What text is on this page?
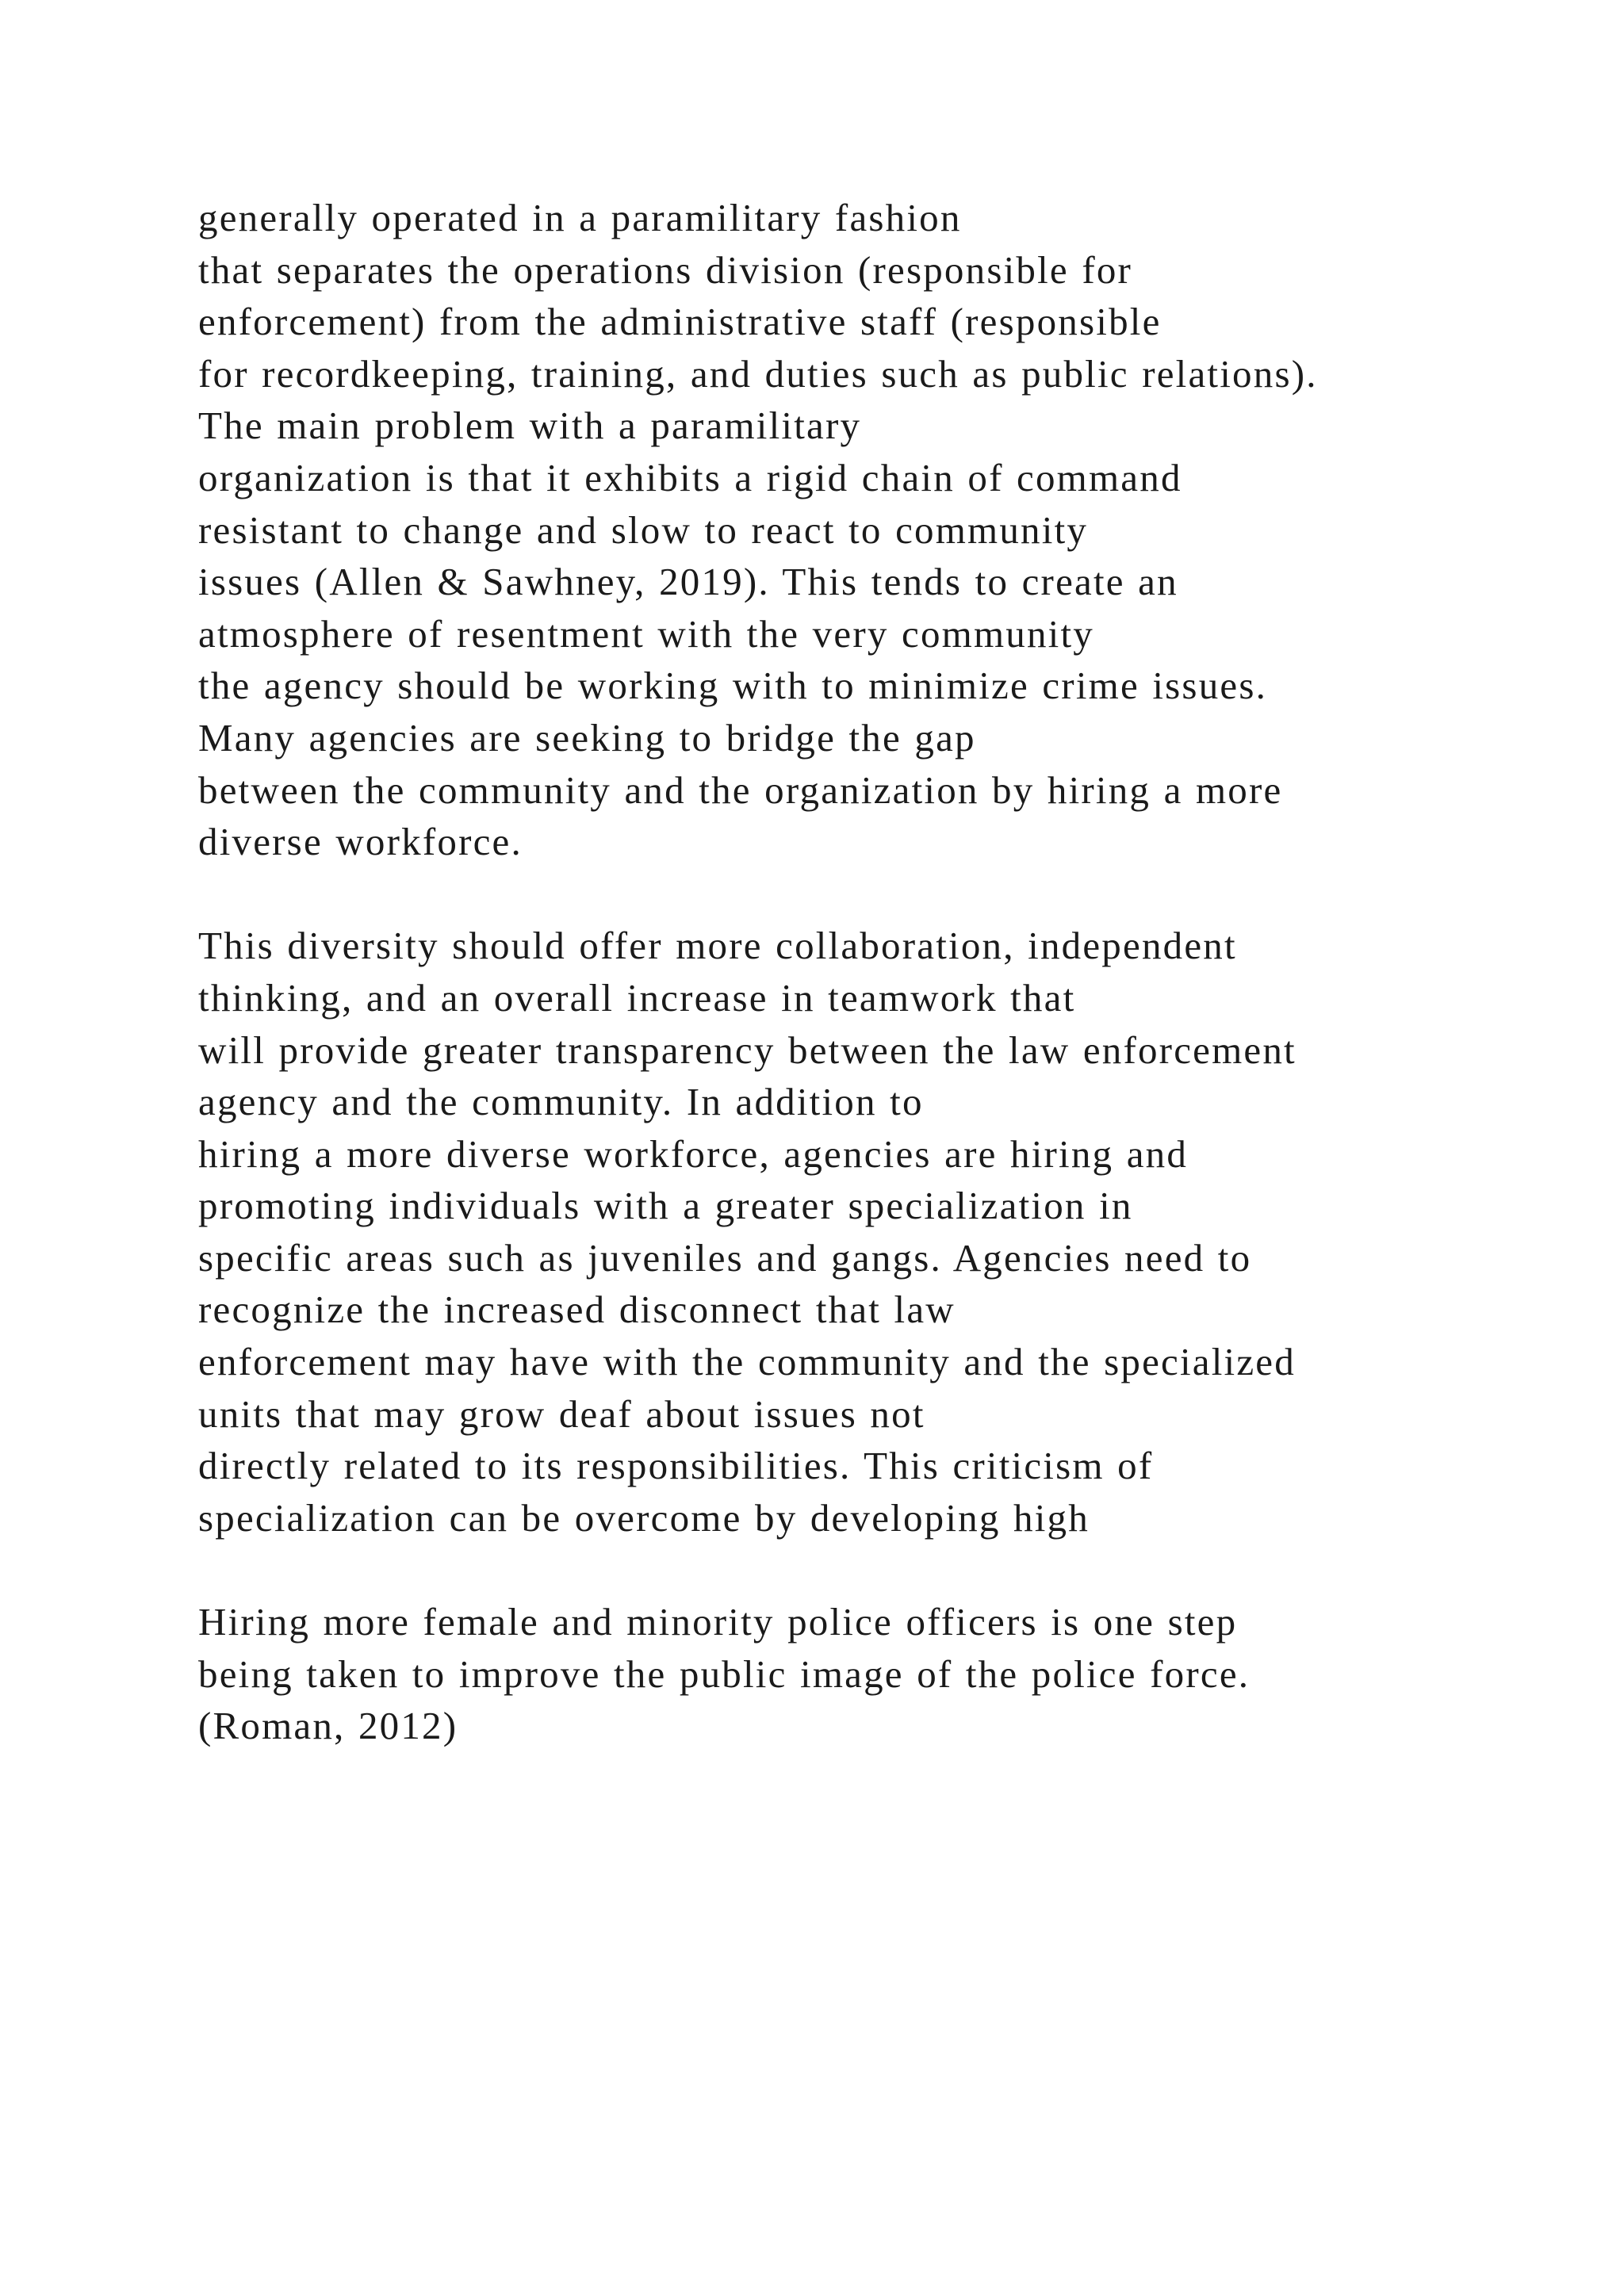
generally operated in a paramilitary fashion
that separates the operations division (responsible for
enforcement) from the administrative staff (responsible
for recordkeeping, training, and duties such as public relations).
The main problem with a paramilitary
organization is that it exhibits a rigid chain of command
resistant to change and slow to react to community
issues (Allen & Sawhney, 2019). This tends to create an
atmosphere of resentment with the very community
the agency should be working with to minimize crime issues.
Many agencies are seeking to bridge the gap
between the community and the organization by hiring a more
diverse workforce.

This diversity should offer more collaboration, independent
thinking, and an overall increase in teamwork that
will provide greater transparency between the law enforcement
agency and the community. In addition to
hiring a more diverse workforce, agencies are hiring and
promoting individuals with a greater specialization in
specific areas such as juveniles and gangs. Agencies need to
recognize the increased disconnect that law
enforcement may have with the community and the specialized
units that may grow deaf about issues not
directly related to its responsibilities. This criticism of
specialization can be overcome by developing high

Hiring more female and minority police officers is one step
being taken to improve the public image of the police force.
(Roman, 2012)
